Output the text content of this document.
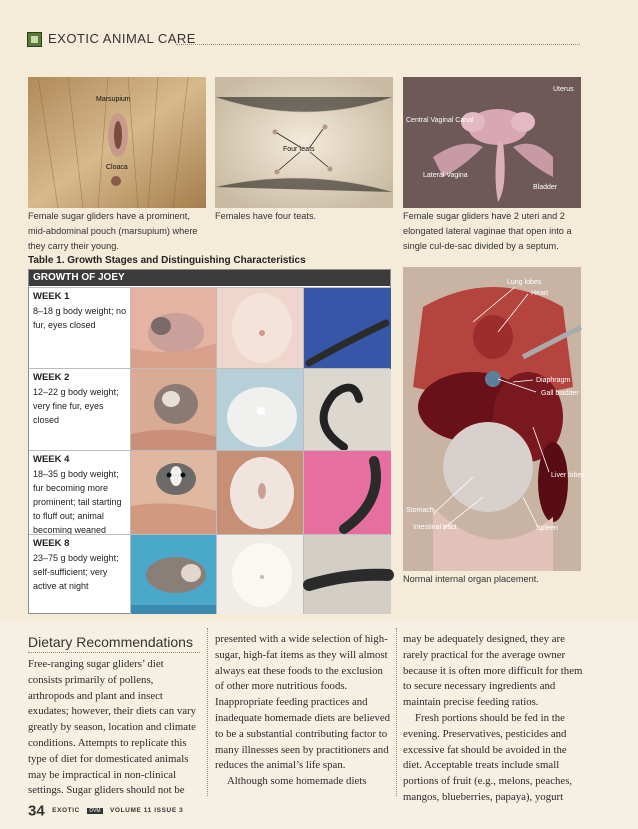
EXOTIC ANIMAL CARE
Marsupium
Cloaca
Four teats
Uterus
Central Vaginal Canal
Lateral Vagina
Bladder
Female sugar gliders have a prominent, mid-abdominal pouch (marsupium) where they carry their young.
Females have four teats.	Female sugar gliders have 2 uteri and 2 elongated lateral vaginae that open into a single cul-de-sac divided by a septum.
Table 1. Growth Stages and Distinguishing Characteristics
GROWTH OF JOEY
WEEK 1
8–18 g body weight; no fur, eyes closed
WEEK 2
12–22 g body weight; very fine fur, eyes closed
WEEK 4
18–35 g body weight; fur becoming more prominent; tail starting to fluff out; animal becoming weaned
WEEK 8
23–75 g body weight; self-sufficient; very active at night
Lung lobes
Heart
Diaphragm
Gall bladder
Liver lobes
Stomach
Intestinal tract	Spleen
Normal internal organ placement.
Dietary Recommendations

Free-ranging sugar gliders’ diet consists primarily of pollens, arthropods and plant and insect exudates; however, their diets can vary greatly by season, location and climate conditions. Attempts to replicate this type of diet for domesticated animals may be impractical in non-clinical settings. Sugar gliders should not be

presented with a wide selection of high-sugar, high-fat items as they will almost always eat these foods to the exclusion of other more nutritious foods. Inappropriate feeding practices and inadequate homemade diets are believed to be a substantial contributing factor to many illnesses seen by practitioners and reduces the animal’s life span.

Although some homemade diets

may be adequately designed, they are rarely practical for the average owner because it is often more difficult for them to secure necessary ingredients and maintain precise feeding ratios.

Fresh portions should be fed in the evening. Preservatives, pesticides and excessive fat should be avoided in the diet. Acceptable treats include small portions of fruit (e.g., melons, peaches, mangos, blueberries, papaya), yogurt

34 EXOTIC DVM VOLUME 11 ISSUE 3
